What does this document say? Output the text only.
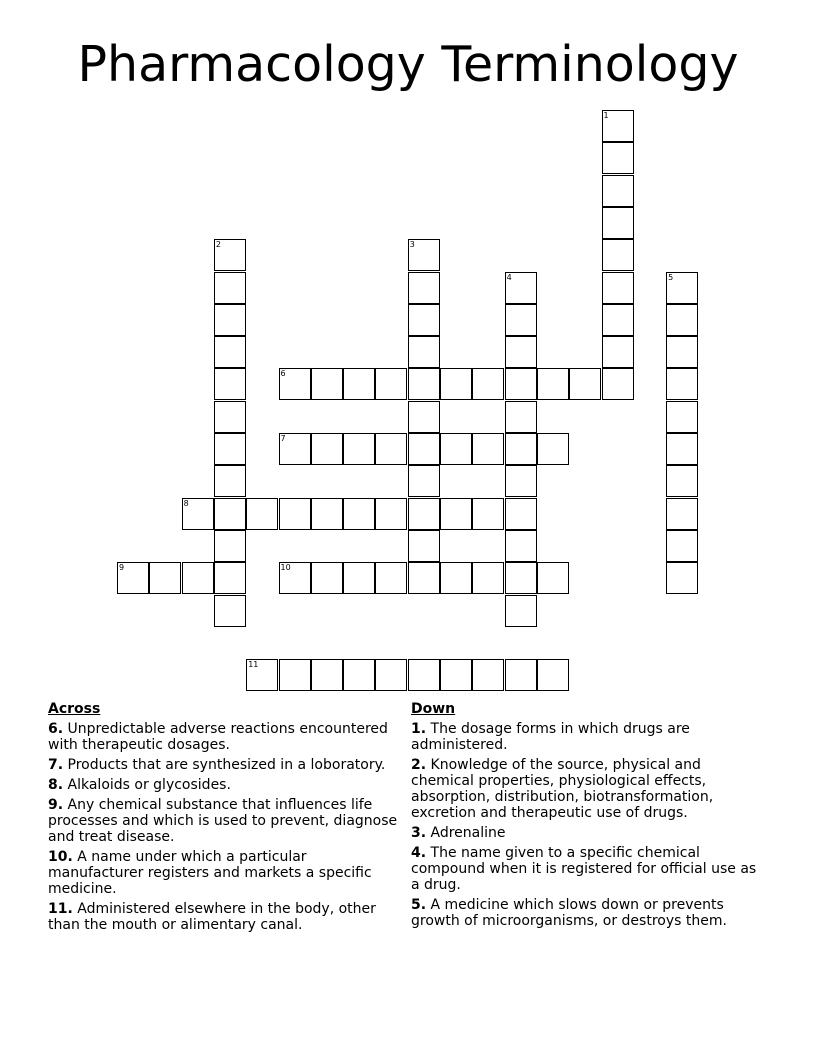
Pharmacology Terminology
1
2	3
4	5
6
7
8
9	10
11
Across
6. Unpredictable adverse reactions encountered with therapeutic dosages.
7. Products that are synthesized in a loboratory.
8. Alkaloids or glycosides.
9. Any chemical substance that influences life processes and which is used to prevent, diagnose and treat disease.
10. A name under which a particular manufacturer registers and markets a specific medicine.
11. Administered elsewhere in the body, other than the mouth or alimentary canal.
Down
1. The dosage forms in which drugs are administered.
2. Knowledge of the source, physical and chemical properties, physiological effects, absorption, distribution, biotransformation, excretion and therapeutic use of drugs.
3. Adrenaline
4. The name given to a specific chemical compound when it is registered for official use as a drug.
5. A medicine which slows down or prevents growth of microorganisms, or destroys them.
